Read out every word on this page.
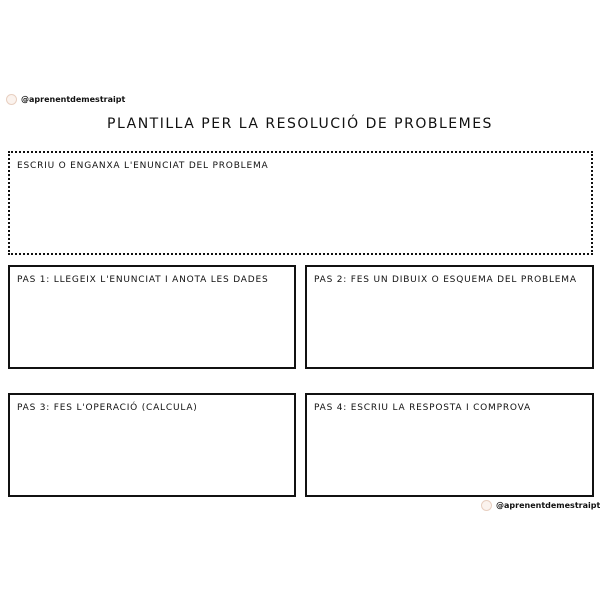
@aprenentdemestraipt
PLANTILLA PER LA RESOLUCIÓ DE PROBLEMES
ESCRIU O ENGANXA L'ENUNCIAT DEL PROBLEMA
PAS 1: LLEGEIX L'ENUNCIAT I ANOTA LES DADES	PAS 2: FES UN DIBUIX O ESQUEMA DEL PROBLEMA
PAS 3: FES L'OPERACIÓ (CALCULA)	PAS 4: ESCRIU LA RESPOSTA I COMPROVA
@aprenentdemestraipt
